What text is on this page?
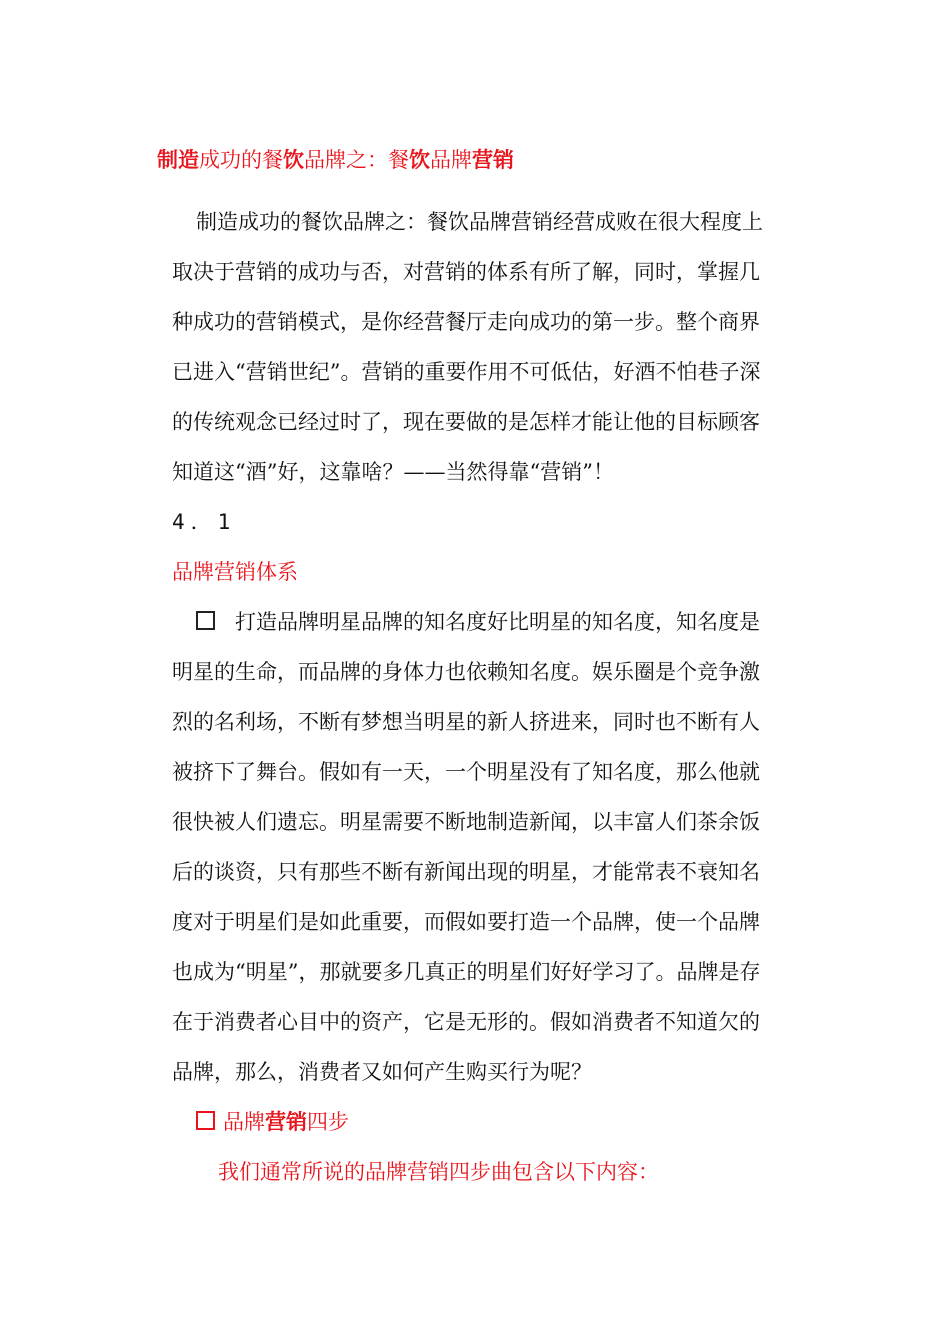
制造成功的餐饮品牌之：餐饮品牌营销
制造成功的餐饮品牌之：餐饮品牌营销经营成败在很大程度上
取决于营销的成功与否，对营销的体系有所了解，同时，掌握几
种成功的营销模式，是你经营餐厅走向成功的第一步。整个商界
已进入“营销世纪”。营销的重要作用不可低估，好酒不怕巷子深
的传统观念已经过时了，现在要做的是怎样才能让他的目标顾客
知道这“酒”好，这靠啥？——当然得靠“营销”！
4．1
品牌营销体系
打造品牌明星品牌的知名度好比明星的知名度，知名度是
明星的生命，而品牌的身体力也依赖知名度。娱乐圈是个竞争激
烈的名利场，不断有梦想当明星的新人挤进来，同时也不断有人
被挤下了舞台。假如有一天，一个明星没有了知名度，那么他就
很快被人们遗忘。明星需要不断地制造新闻，以丰富人们茶余饭
后的谈资，只有那些不断有新闻出现的明星，才能常表不衰知名
度对于明星们是如此重要，而假如要打造一个品牌，使一个品牌
也成为“明星”，那就要多几真正的明星们好好学习了。品牌是存
在于消费者心目中的资产，它是无形的。假如消费者不知道欠的
品牌，那么，消费者又如何产生购买行为呢？
品牌营销四步
我们通常所说的品牌营销四步曲包含以下内容：
